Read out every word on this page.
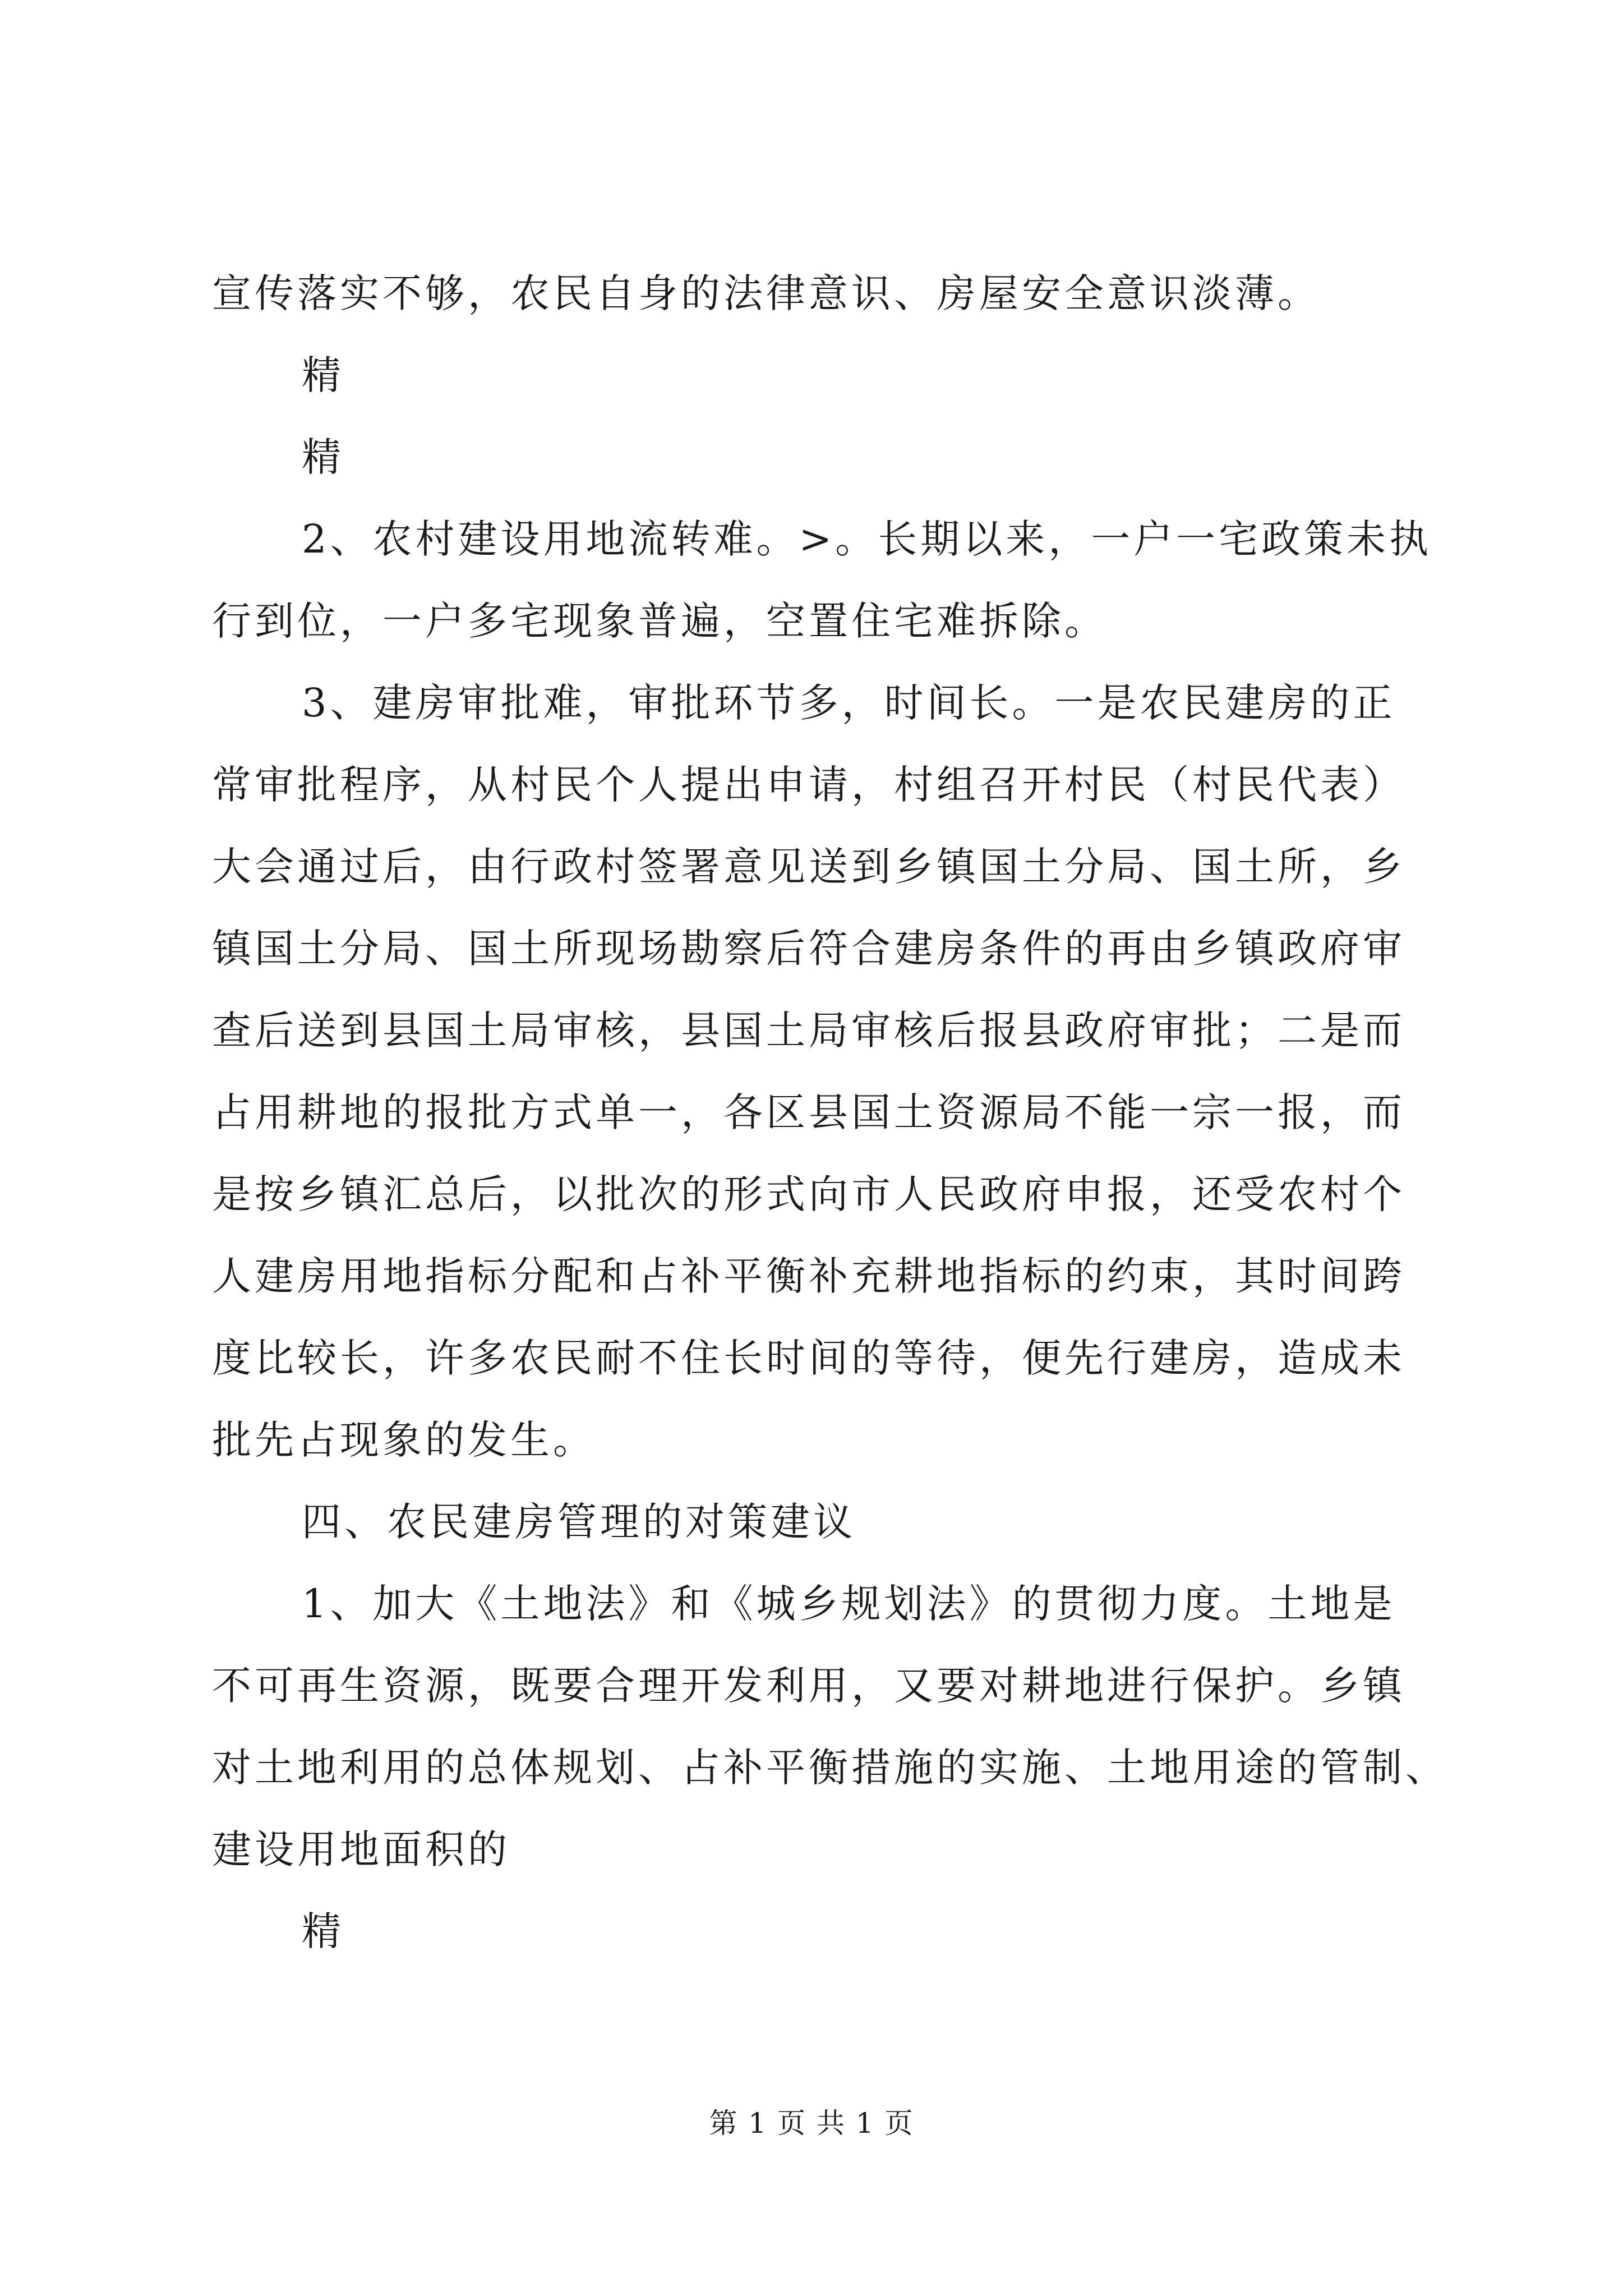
宣传落实不够，农民自身的法律意识、房屋安全意识淡薄。
精
精
2、农村建设用地流转难。>。长期以来，一户一宅政策未执
行到位，一户多宅现象普遍，空置住宅难拆除。
3、建房审批难，审批环节多，时间长。一是农民建房的正
常审批程序，从村民个人提出申请，村组召开村民（村民代表）
大会通过后，由行政村签署意见送到乡镇国土分局、国土所，乡
镇国土分局、国土所现场勘察后符合建房条件的再由乡镇政府审
查后送到县国土局审核，县国土局审核后报县政府审批；二是而
占用耕地的报批方式单一，各区县国土资源局不能一宗一报，而
是按乡镇汇总后，以批次的形式向市人民政府申报，还受农村个
人建房用地指标分配和占补平衡补充耕地指标的约束，其时间跨
度比较长，许多农民耐不住长时间的等待，便先行建房，造成未
批先占现象的发生。
四、农民建房管理的对策建议
1、加大《土地法》和《城乡规划法》的贯彻力度。土地是
不可再生资源，既要合理开发利用，又要对耕地进行保护。乡镇
对土地利用的总体规划、占补平衡措施的实施、土地用途的管制、
建设用地面积的
精
第 1 页 共 1 页
